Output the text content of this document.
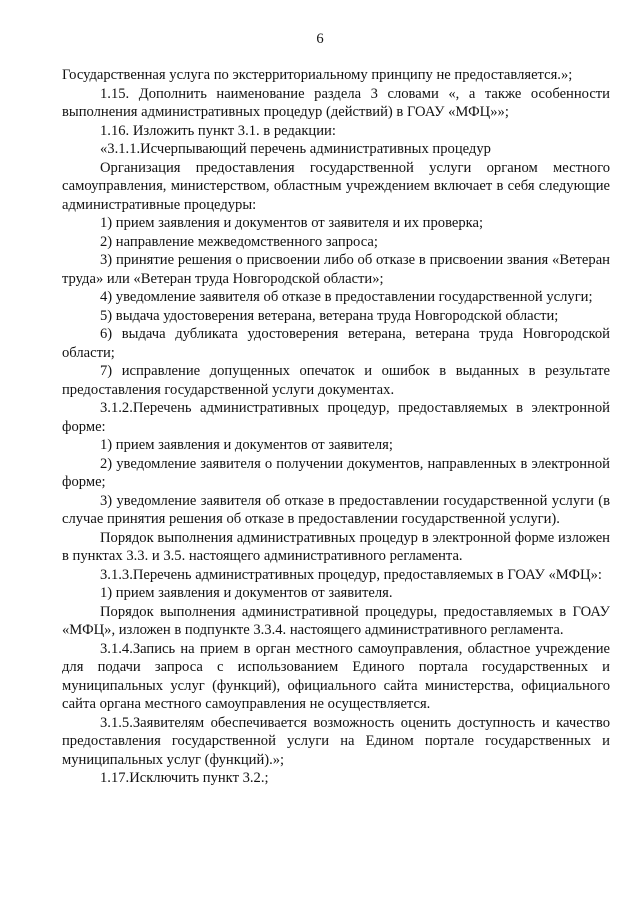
6

Государственная услуга по экстерриториальному принципу не предоставляется.»;

1.15. Дополнить наименование раздела 3 словами «, а также особенности выполнения административных процедур (действий) в ГОАУ «МФЦ»»;

1.16. Изложить пункт 3.1. в редакции:

«3.1.1.Исчерпывающий перечень административных процедур

Организация предоставления государственной услуги органом местного самоуправления, министерством, областным учреждением включает в себя следующие административные процедуры:

1) прием заявления и документов от заявителя и их проверка;

2) направление межведомственного запроса;

3) принятие решения о присвоении либо об отказе в присвоении звания «Ветеран труда» или «Ветеран труда Новгородской области»;

4) уведомление заявителя об отказе в предоставлении государственной услуги;

5) выдача удостоверения ветерана, ветерана труда Новгородской области;

6) выдача дубликата удостоверения ветерана, ветерана труда Новгородской области;

7) исправление допущенных опечаток и ошибок в выданных в результате предоставления государственной услуги документах.

3.1.2.Перечень административных процедур, предоставляемых в электронной форме:

1) прием заявления и документов от заявителя;

2) уведомление заявителя о получении документов, направленных в электронной форме;

3) уведомление заявителя об отказе в предоставлении государственной услуги (в случае принятия решения об отказе в предоставлении государственной услуги).

Порядок выполнения административных процедур в электронной форме изложен в пунктах 3.3. и 3.5. настоящего административного регламента.

3.1.3.Перечень административных процедур, предоставляемых в ГОАУ «МФЦ»:

1) прием заявления и документов от заявителя.

Порядок выполнения административной процедуры, предоставляемых в ГОАУ «МФЦ», изложен в подпункте 3.3.4. настоящего административного регламента.

3.1.4.Запись на прием в орган местного самоуправления, областное учреждение для подачи запроса с использованием Единого портала государственных и муниципальных услуг (функций), официального сайта министерства, официального сайта органа местного самоуправления не осуществляется.

3.1.5.Заявителям обеспечивается возможность оценить доступность и качество предоставления государственной услуги на Едином портале государственных и муниципальных услуг (функций).»;

1.17.Исключить пункт 3.2.;
